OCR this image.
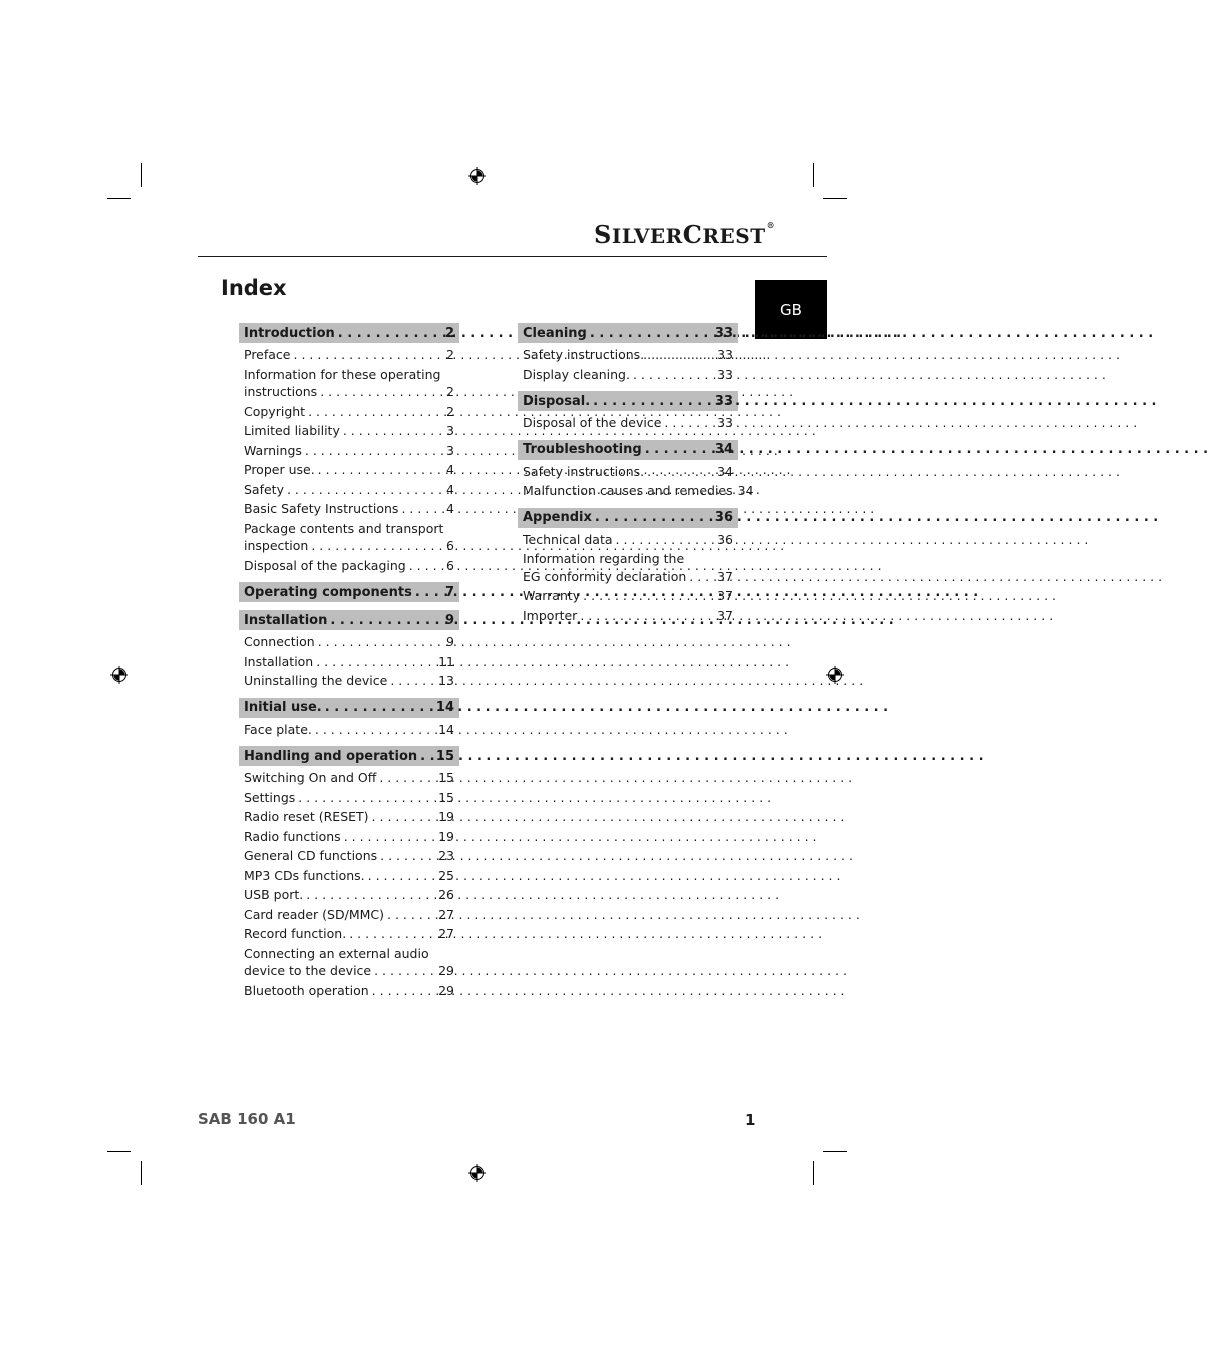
SILVERCREST®
Index
GB
Introduction . . .	2
Preface . . .	2
Information for these operating
instructions . . .	2
Copyright . . .	2
Limited liability . . .	3
Warnings . . .	3
Proper use. . . .	4
Safety . . .	4
Basic Safety Instructions . . .	4
Package contents and transport
inspection . . .	6
Disposal of the packaging . . .	6
Operating components . . .	7
Installation . . .	9
Connection . . .	9
Installation . . .	11
Uninstalling the device . . .	13
Initial use. . . .	14
Face plate. . . .	14
Handling and operation . . . 15
Switching On and Off . . .	15
Settings . . .	15
Radio reset (RESET) . . .	19
Radio functions . . .	19
General CD functions . . .	23
MP3 CDs functions. . . .	25
USB port. . . .	26
Card reader (SD/MMC) . . .	27
Record function. . . .	27
Connecting an external audio
device to the device . . .	29
Bluetooth operation . . .	29
Cleaning . . .	33
Safety instructions. . . .	33
Display cleaning. . . .	33
Disposal. . . .	33
Disposal of the device . . .	33
Troubleshooting . . .	34
Safety instructions. . . .	34
Malfunction causes and remedies 34
Appendix . . .	36
Technical data . . .	36
Information regarding the
EG conformity declaration . . . 37
Warranty . . .	37
Importer . . .	37
SAB 160 A1	1
